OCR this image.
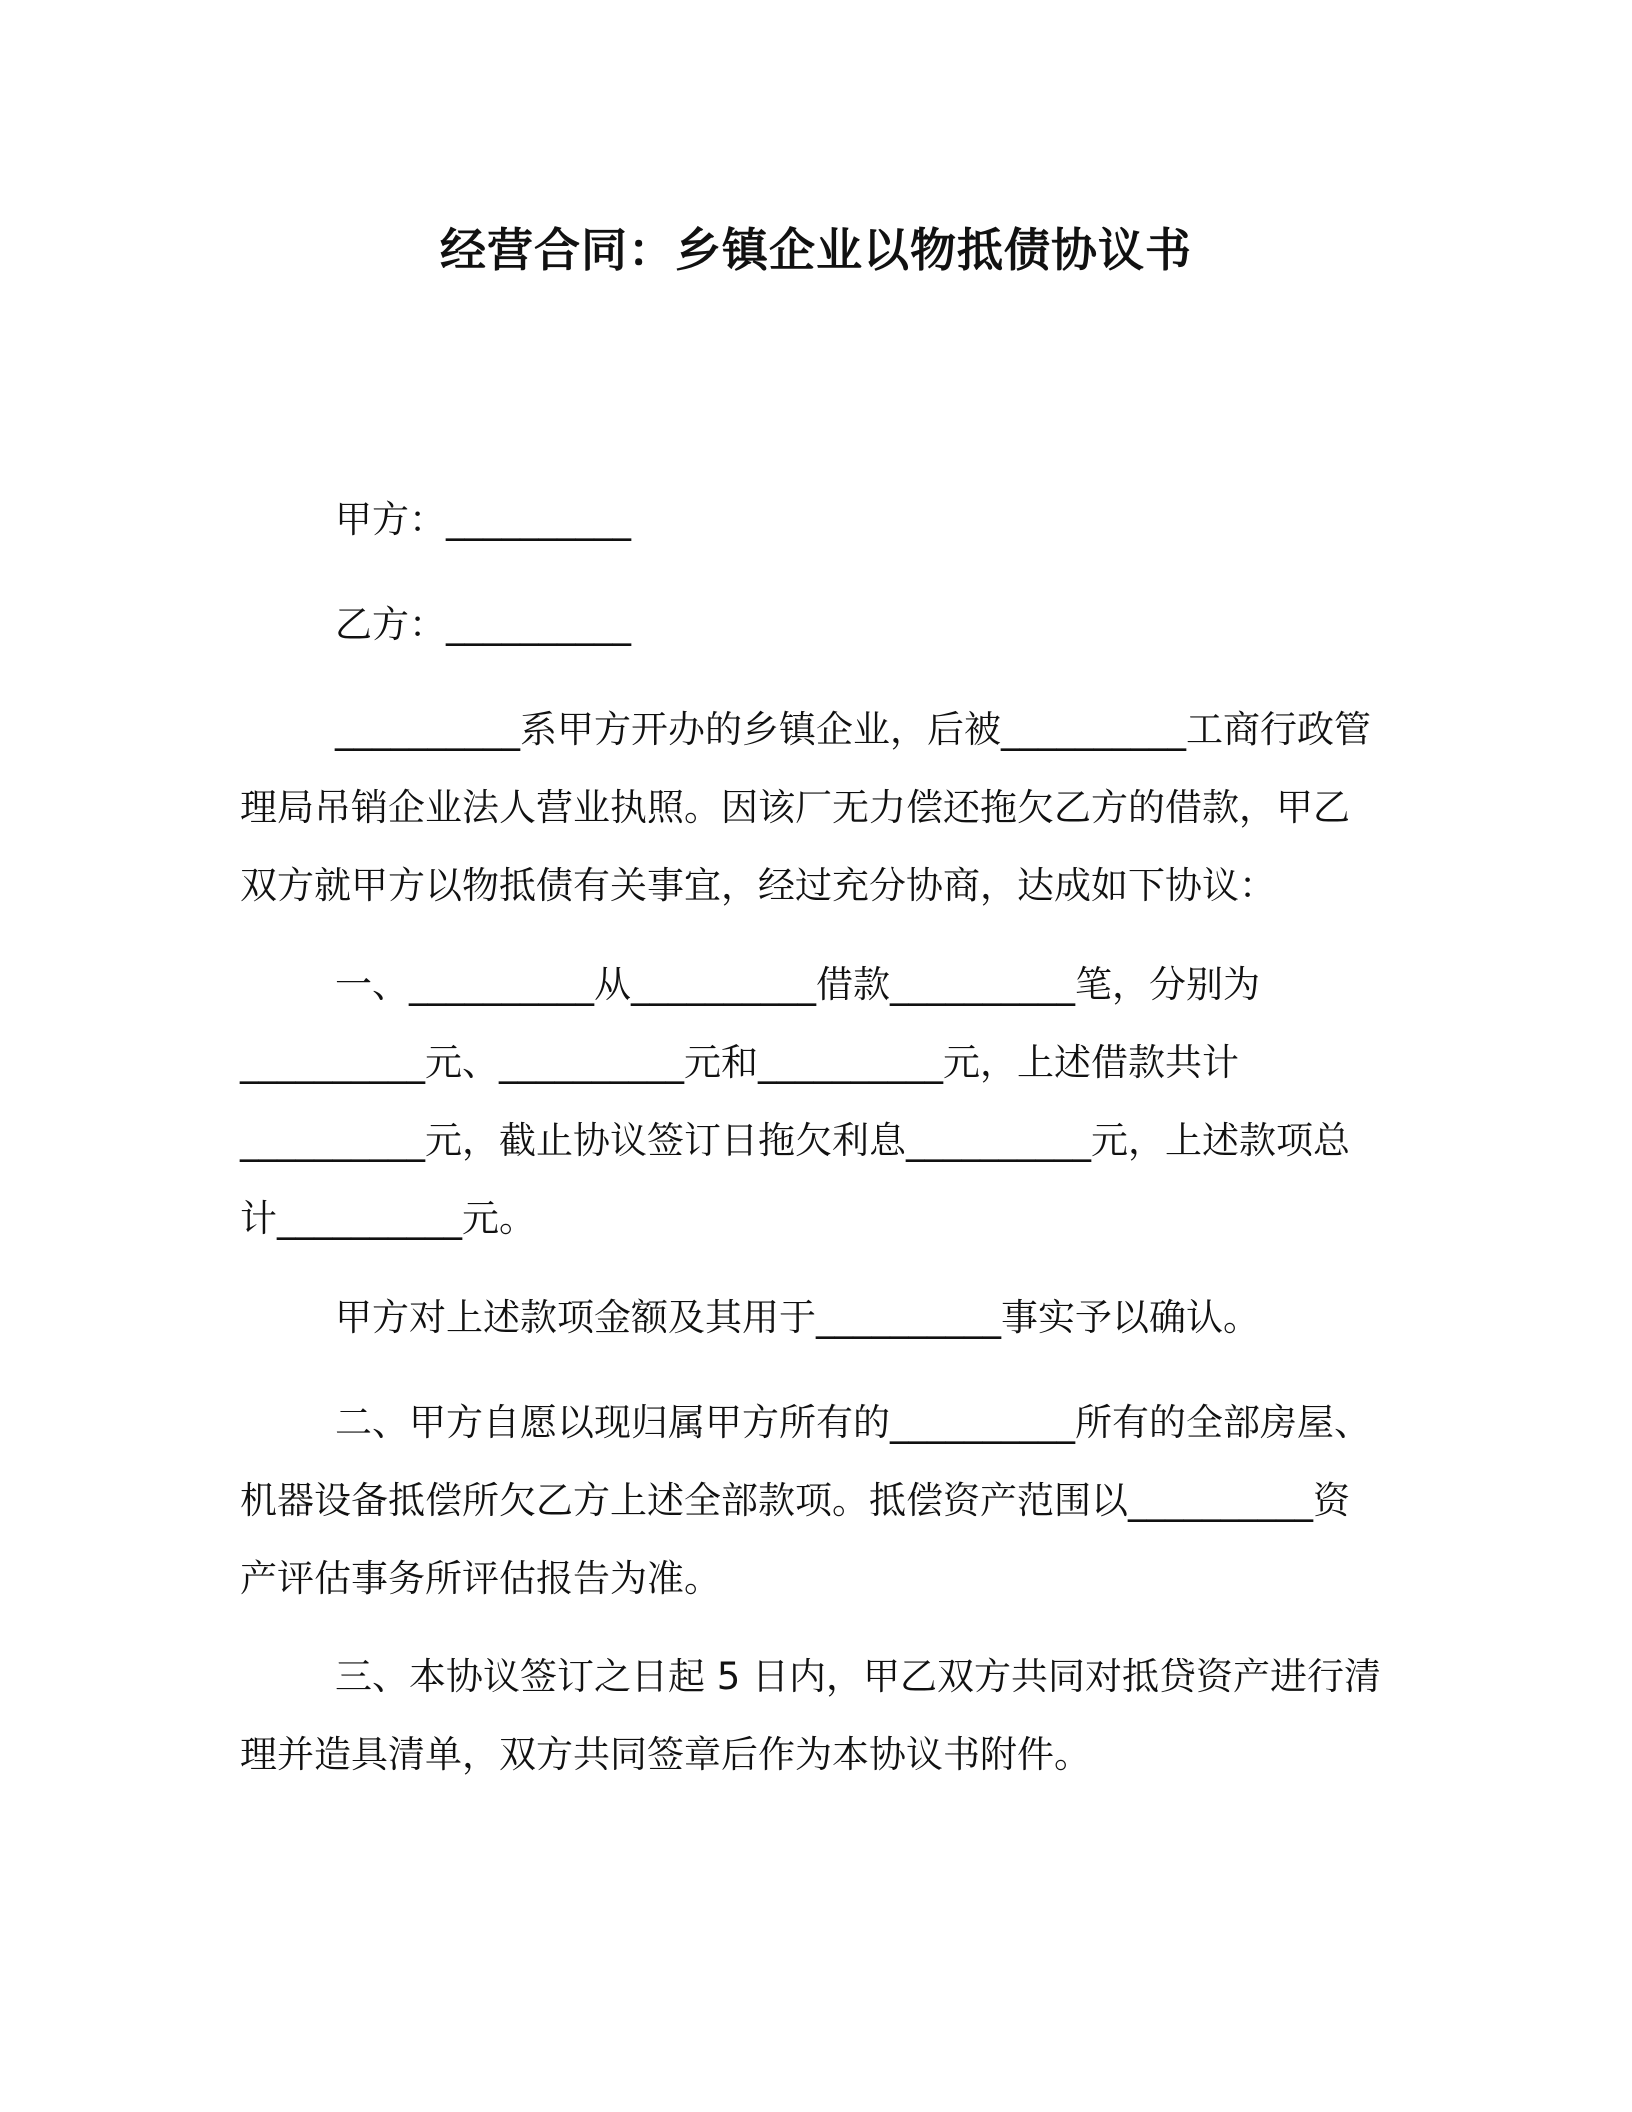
经营合同：乡镇企业以物抵债协议书
甲方：__________
乙方：__________
__________系甲方开办的乡镇企业，后被__________工商行政管
理局吊销企业法人营业执照。因该厂无力偿还拖欠乙方的借款，甲乙
双方就甲方以物抵债有关事宜，经过充分协商，达成如下协议：
一、__________从__________借款__________笔，分别为
__________元、__________元和__________元，上述借款共计
__________元，截止协议签订日拖欠利息__________元，上述款项总
计__________元。
甲方对上述款项金额及其用于__________事实予以确认。
二、甲方自愿以现归属甲方所有的__________所有的全部房屋、
机器设备抵偿所欠乙方上述全部款项。抵偿资产范围以__________资
产评估事务所评估报告为准。
三、本协议签订之日起 5 日内，甲乙双方共同对抵贷资产进行清
理并造具清单，双方共同签章后作为本协议书附件。
